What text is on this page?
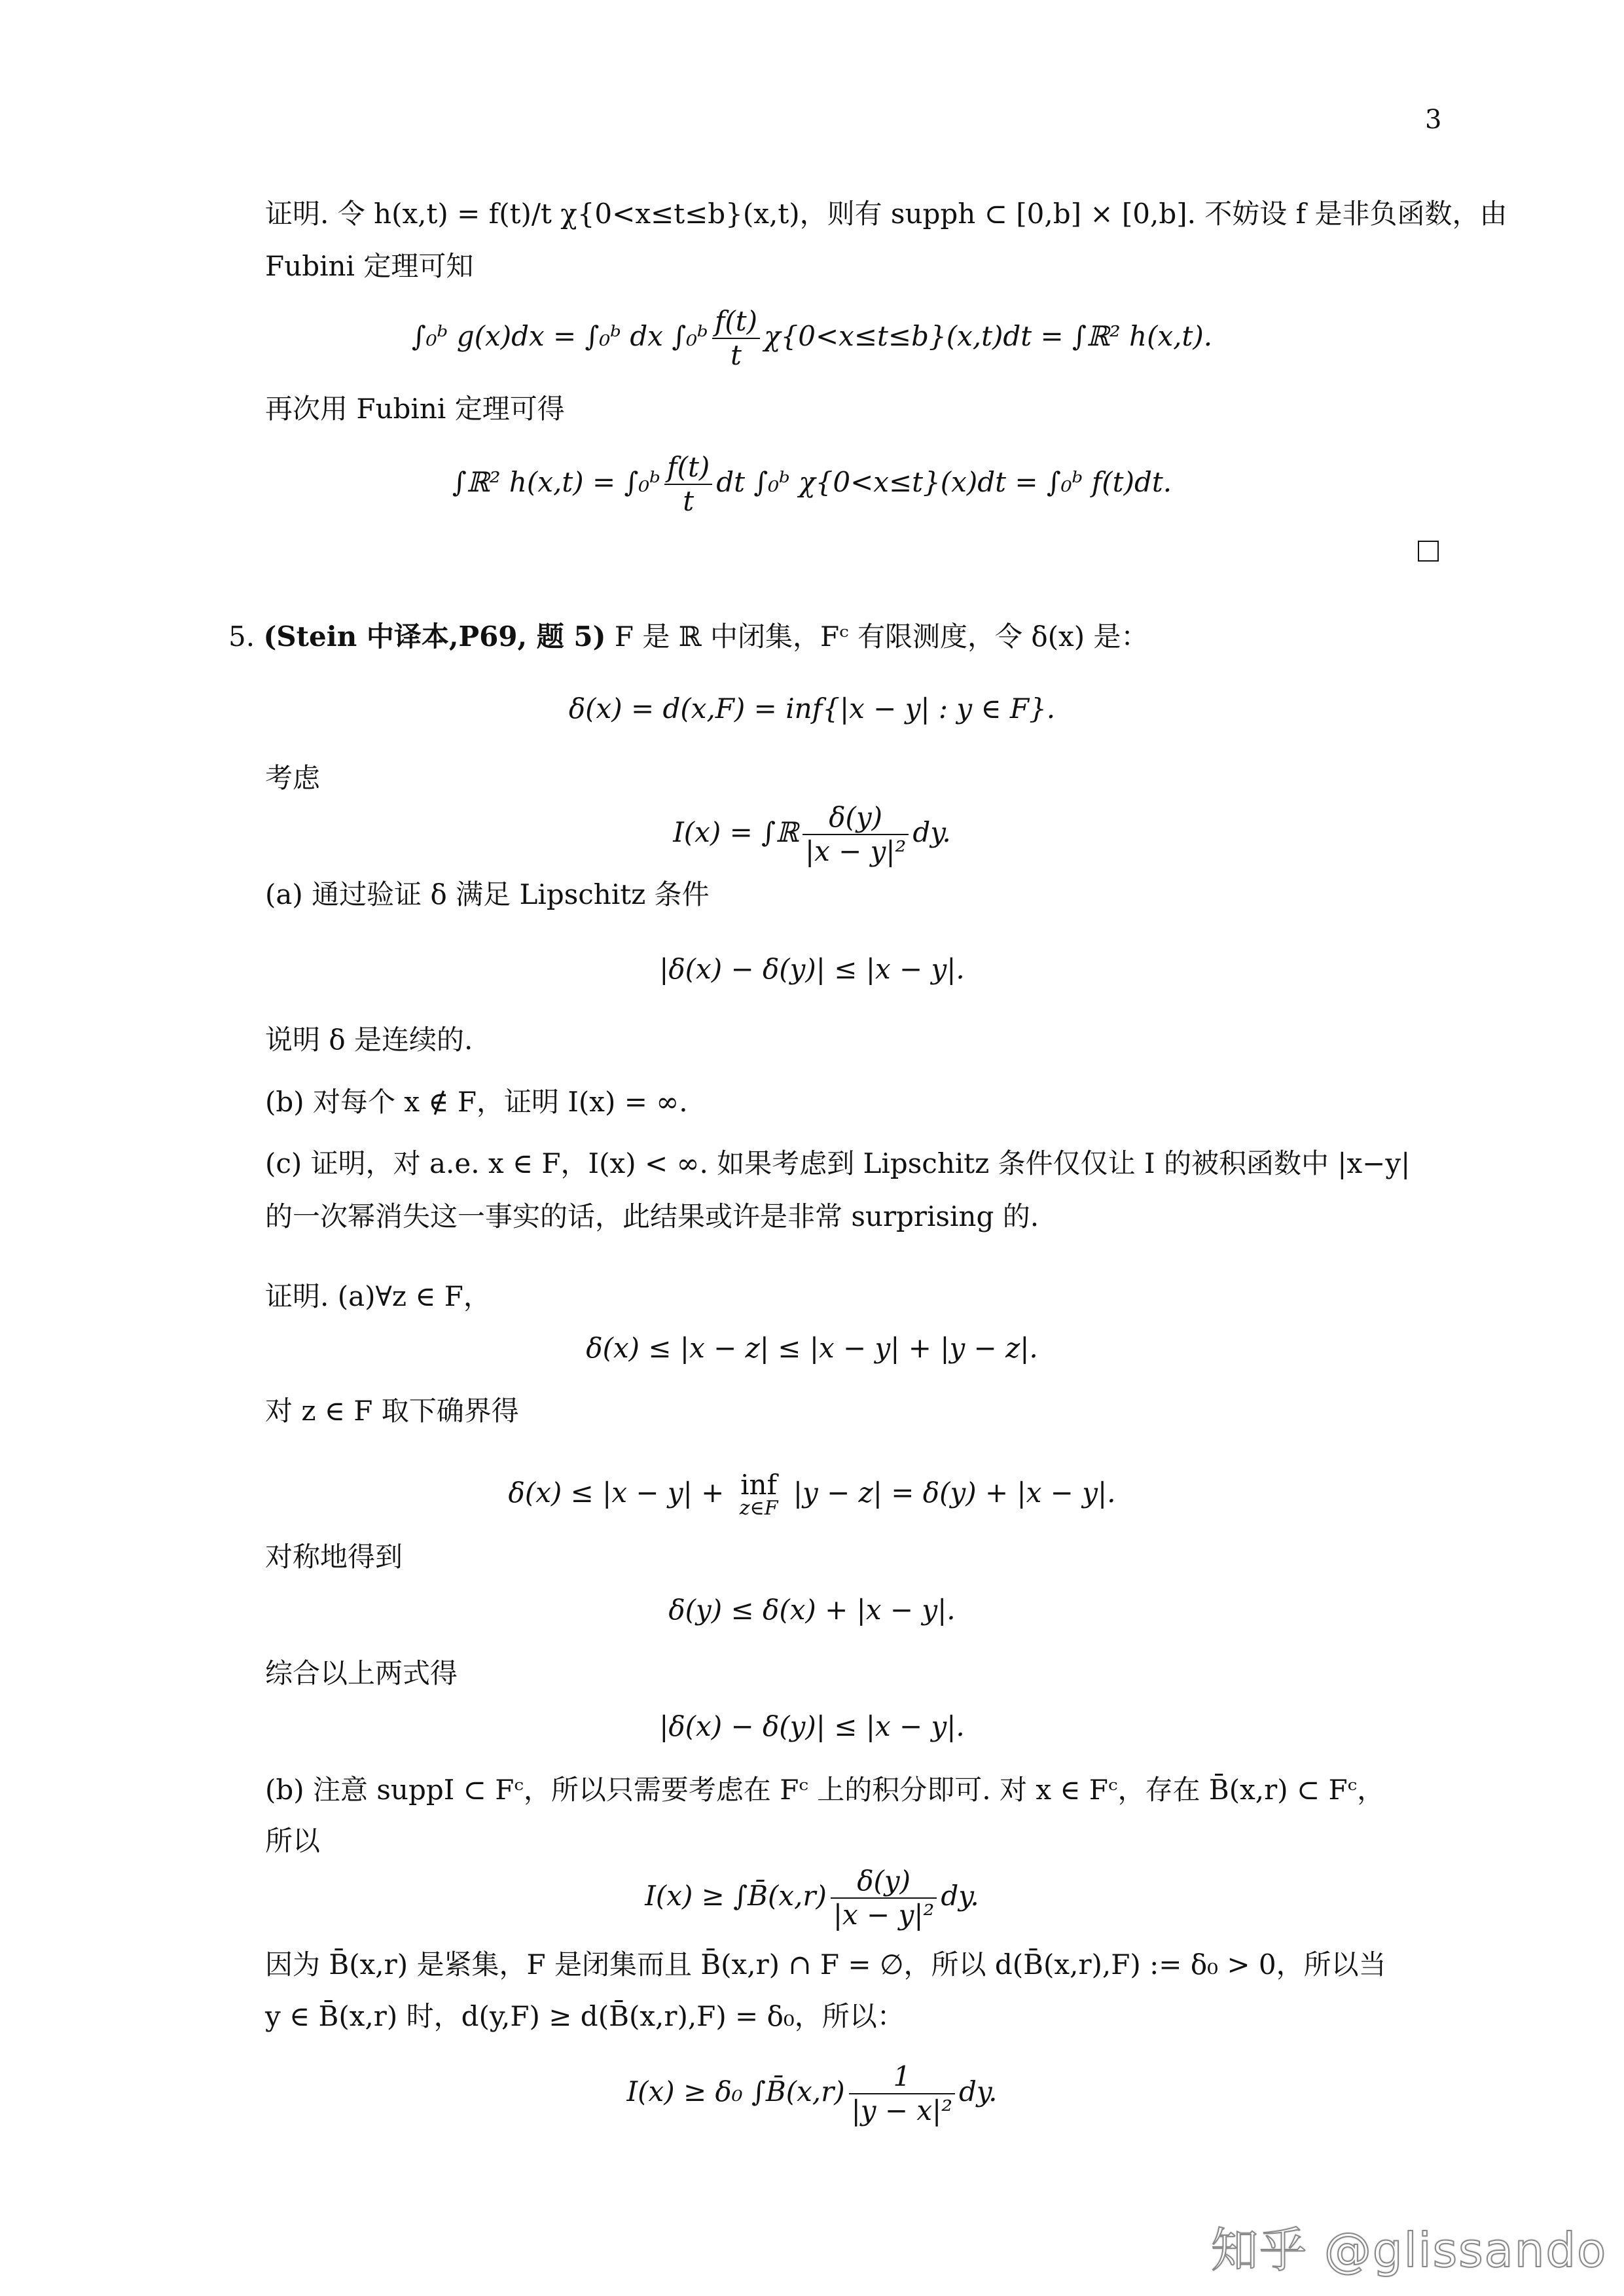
3
证明. 令 h(x,t) = f(t)/t χ{0<x≤t≤b}(x,t)，则有 supph ⊂ [0,b] × [0,b]. 不妨设 f 是非负函数，由
Fubini 定理可知
∫₀ᵇ g(x)dx = ∫₀ᵇ dx ∫₀ᵇ $\frac{f(t)}{t} \chi\{0<x\le t\le b\}(x,t)dt$ = ∫ℝ² h(x,t).
再次用 Fubini 定理可得
∫ℝ² h(x,t) = ∫₀ᵇ $\frac{f(t)}{t}$ dt ∫₀ᵇ χ{0<x≤t}(x)dt = ∫₀ᵇ f(t)dt.
5. (Stein 中译本,P69, 题 5) F 是 ℝ 中闭集，Fᶜ 有限测度，令 δ(x) 是：
δ(x) = d(x,F) = inf{|x − y| : y ∈ F}.
考虑
I(x) = ∫ℝ $\frac{\delta(y)}{\text{|x − y|²}}$ dy.
(a) 通过验证 δ 满足 Lipschitz 条件
|δ(x) − δ(y)| ≤ |x − y|.
说明 δ 是连续的.
(b) 对每个 x ∉ F，证明 I(x) = ∞.
(c) 证明，对 a.e. x ∈ F，I(x) < ∞. 如果考虑到 Lipschitz 条件仅仅让 I 的被积函数中 |x−y|
的一次幂消失这一事实的话，此结果或许是非常 surprising 的.
证明. (a)∀z ∈ F，
δ(x) ≤ |x − z| ≤ |x − y| + |y − z|.
对 z ∈ F 取下确界得
δ(x) ≤ |x − y| + inf
z∈F |y − z| = δ(y) + |x − y|.
对称地得到
δ(y) ≤ δ(x) + |x − y|.
综合以上两式得
|δ(x) − δ(y)| ≤ |x − y|.
(b) 注意 suppI ⊂ Fᶜ，所以只需要考虑在 Fᶜ 上的积分即可. 对 x ∈ Fᶜ，存在 B̄(x,r) ⊂ Fᶜ，
所以
I(x) ≥ ∫B̄(x,r) $\frac{\delta(y)}{\text{|x − y|²}}$ dy.
因为 B̄(x,r) 是紧集，F 是闭集而且 B̄(x,r) ∩ F = ∅，所以 d(B̄(x,r),F) := δ₀ > 0，所以当
y ∈ B̄(x,r) 时，d(y,F) ≥ d(B̄(x,r),F) = δ₀，所以：
I(x) ≥ δ₀ ∫B̄(x,r) $\frac{1}{\text{|y − x|²}}$ dy.
知乎 @glissando
